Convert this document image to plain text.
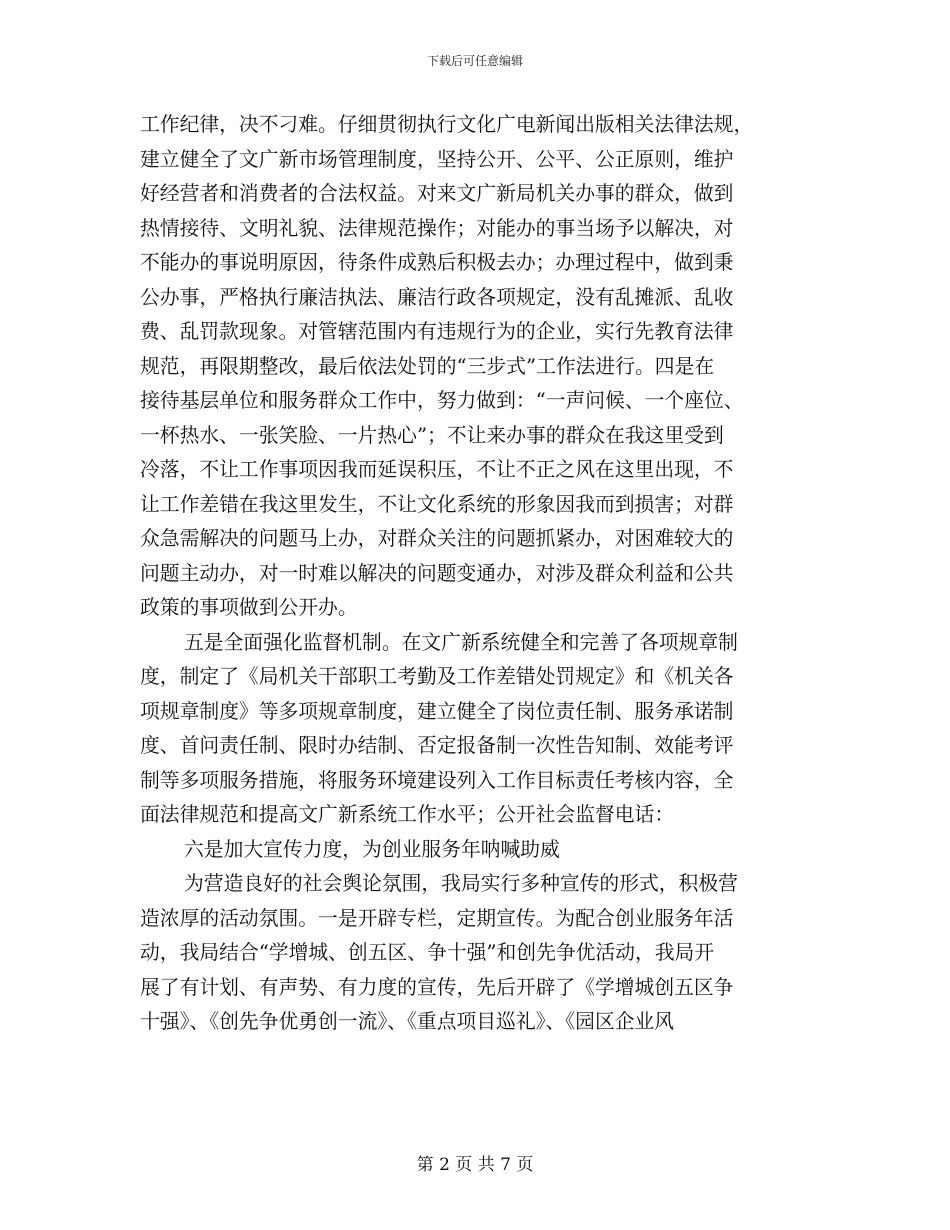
下载后可任意编辑
工作纪律，决不刁难。仔细贯彻执行文化广电新闻出版相关法律法规，
建立健全了文广新市场管理制度，坚持公开、公平、公正原则，维护
好经营者和消费者的合法权益。对来文广新局机关办事的群众，做到
热情接待、文明礼貌、法律规范操作；对能办的事当场予以解决，对
不能办的事说明原因，待条件成熟后积极去办；办理过程中，做到秉
公办事，严格执行廉洁执法、廉洁行政各项规定，没有乱摊派、乱收
费、乱罚款现象。对管辖范围内有违规行为的企业，实行先教育法律
规范，再限期整改，最后依法处罚的“三步式”工作法进行。四是在
接待基层单位和服务群众工作中，努力做到：“一声问候、一个座位、
一杯热水、一张笑脸、一片热心”；不让来办事的群众在我这里受到
冷落，不让工作事项因我而延误积压，不让不正之风在这里出现，不
让工作差错在我这里发生，不让文化系统的形象因我而到损害；对群
众急需解决的问题马上办，对群众关注的问题抓紧办，对困难较大的
问题主动办，对一时难以解决的问题变通办，对涉及群众利益和公共
政策的事项做到公开办。
五是全面强化监督机制。在文广新系统健全和完善了各项规章制
度，制定了《局机关干部职工考勤及工作差错处罚规定》和《机关各
项规章制度》等多项规章制度，建立健全了岗位责任制、服务承诺制
度、首问责任制、限时办结制、否定报备制一次性告知制、效能考评
制等多项服务措施，将服务环境建设列入工作目标责任考核内容，全
面法律规范和提高文广新系统工作水平；公开社会监督电话：
六是加大宣传力度，为创业服务年呐喊助威
为营造良好的社会舆论氛围，我局实行多种宣传的形式，积极营
造浓厚的活动氛围。一是开辟专栏，定期宣传。为配合创业服务年活
动，我局结合“学增城、创五区、争十强”和创先争优活动，我局开
展了有计划、有声势、有力度的宣传，先后开辟了《学增城创五区争
十强》、《创先争优勇创一流》、《重点项目巡礼》、《园区企业风
第 2 页 共 7 页
